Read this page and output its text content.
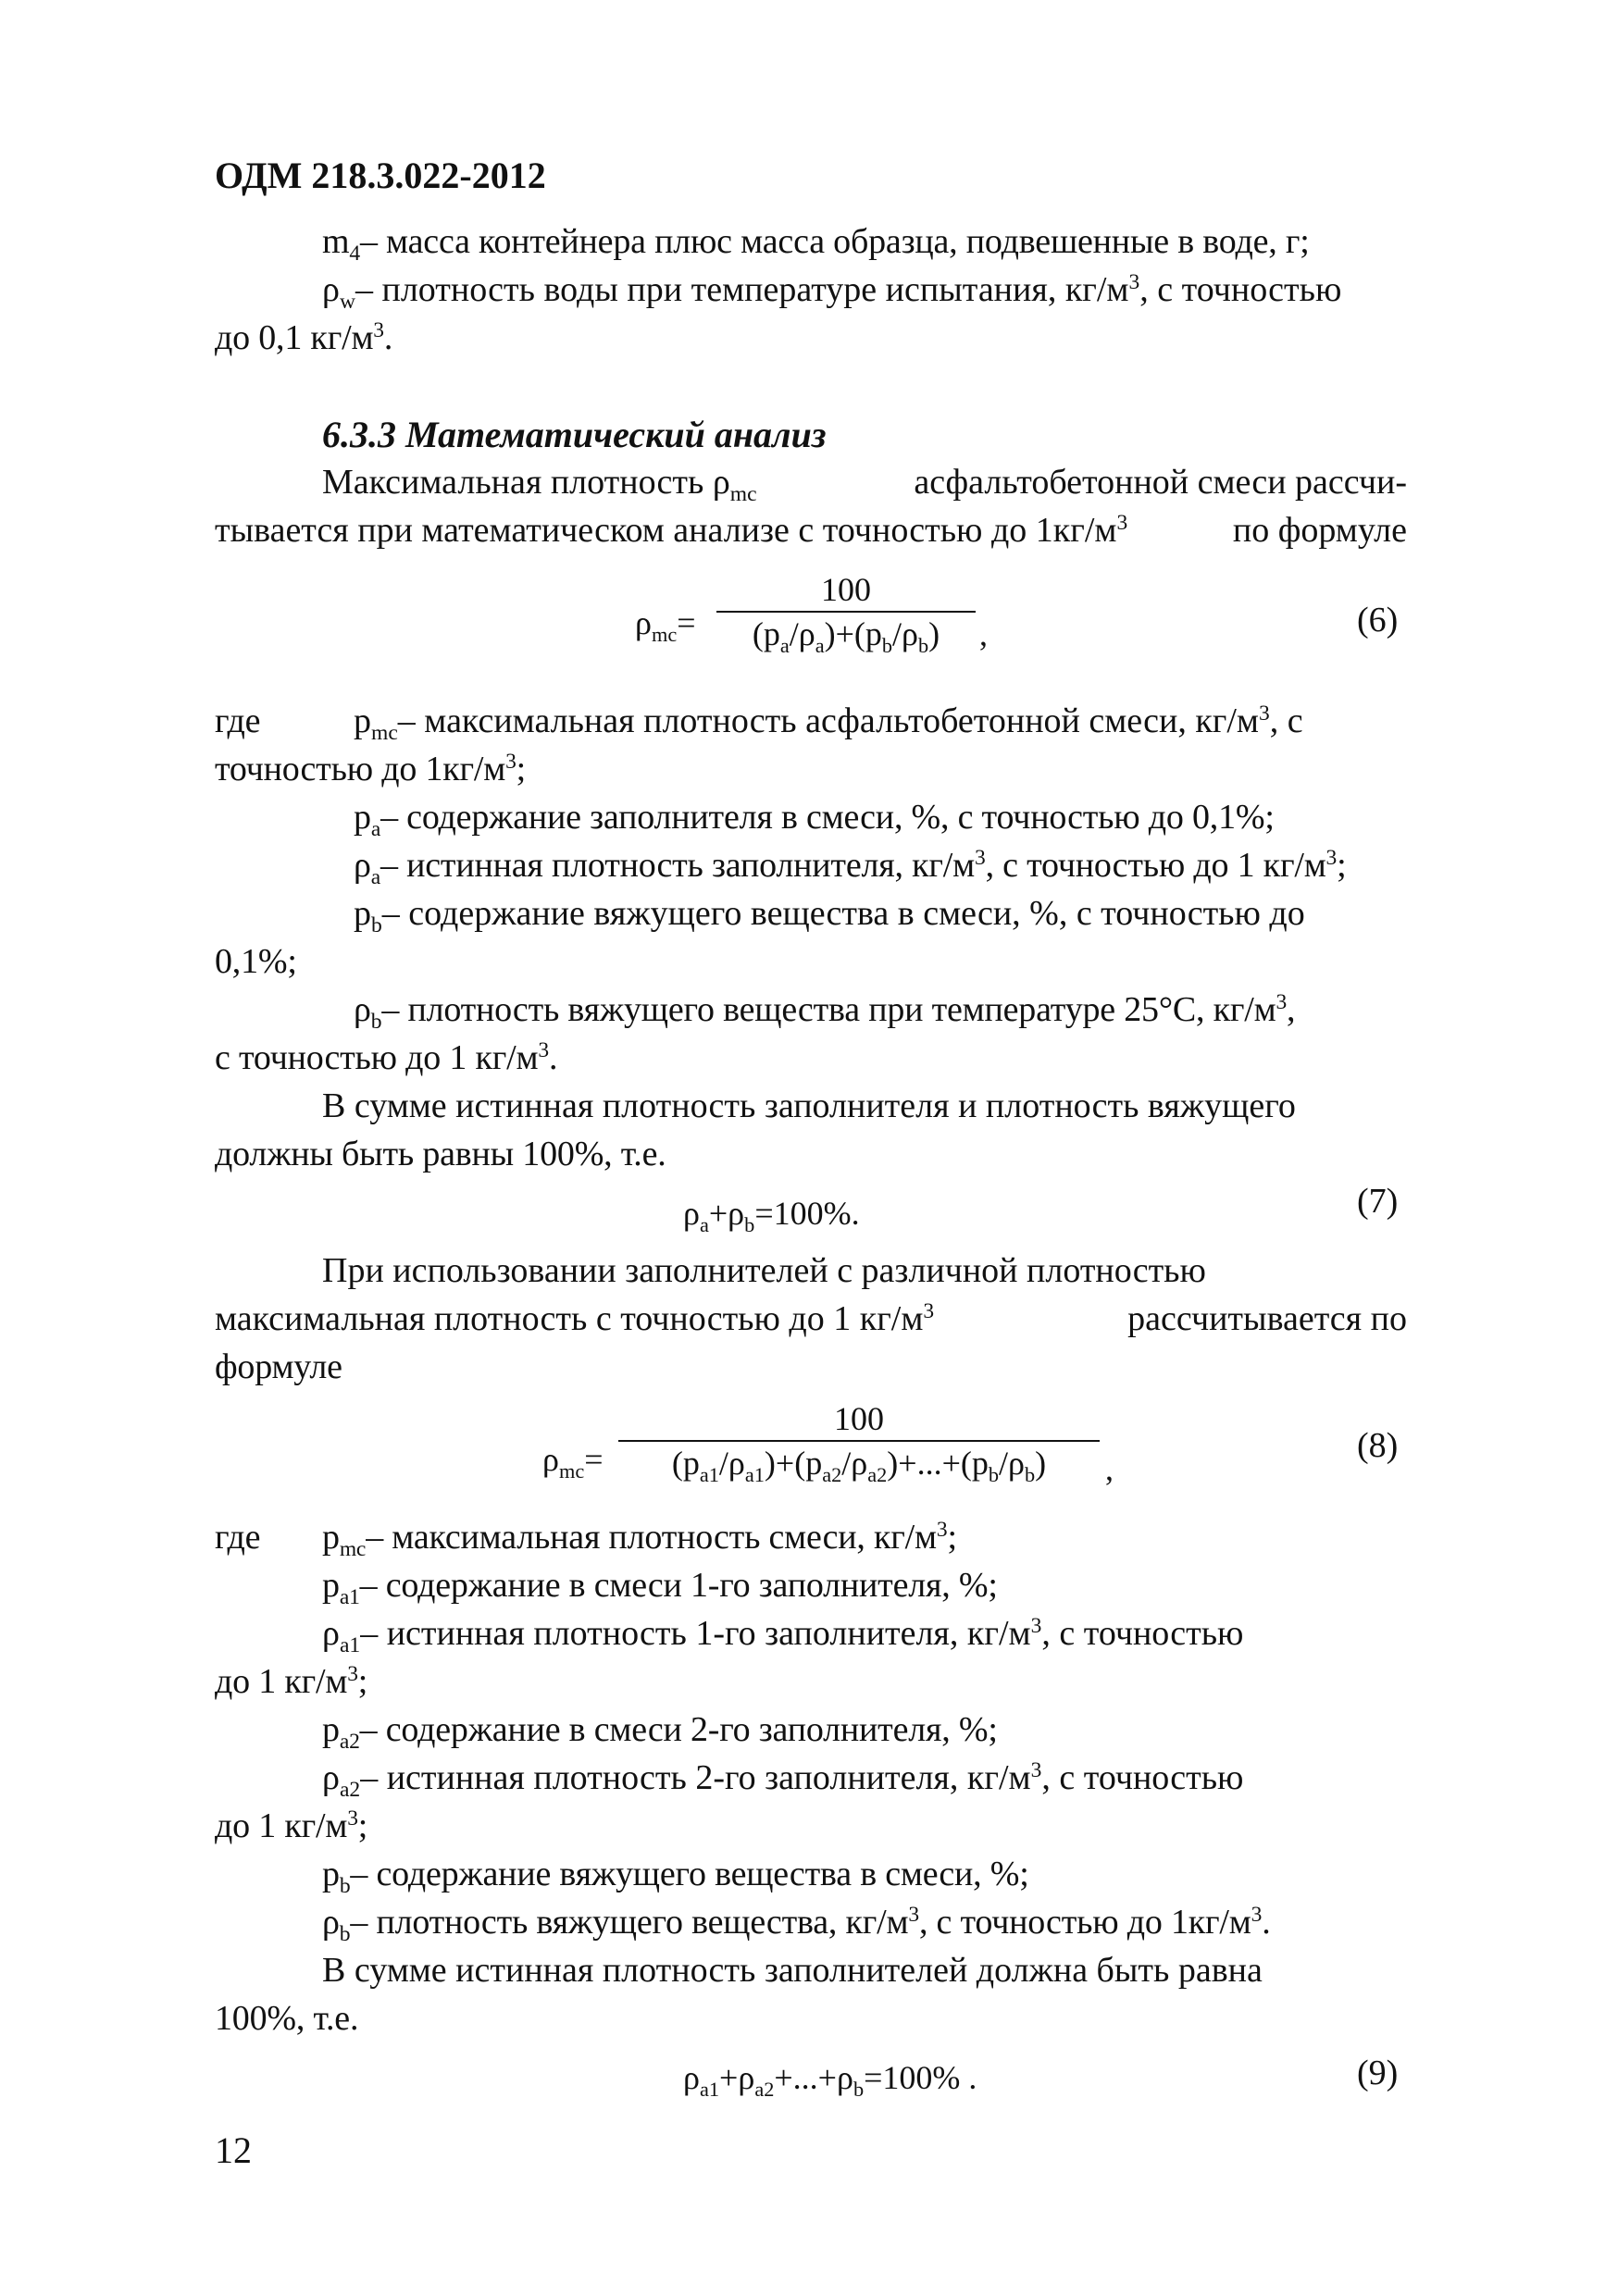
ОДМ 218.3.022-2012
$m_4-$ масса контейнера плюс масса образца, подвешенные в воде, г;
$\rho_w-$ плотность воды при температуре испытания, $кг/м^3$, с точностью
до 0,1 $кг/м^3$.
6.3.3 Математический анализ
Максимальная плотность $\rho_{mc}$	асфальтобетонной смеси рассчи-
тывается при математическом анализе с точностью до $1кг/м^3$	по формуле
$\rho_{mc}=$
100
$(p_a/\rho_a)+(p_b/\rho_b)$	,	(6)
где	$p_{mc}-$ максимальная плотность асфальтобетонной смеси, $кг/м^3$, с
точностью до $1кг/м^3$;
$p_a-$ содержание заполнителя в смеси, %, с точностью до 0,1%;
$\rho_a-$ истинная плотность заполнителя, $кг/м^3$, с точностью до 1 $кг/м^3$;
$p_b-$ содержание вяжущего вещества в смеси, %, с точностью до
0,1%;
$\rho_b-$ плотность вяжущего вещества при температуре 25°С, $кг/м^3$,
с точностью до 1 $кг/м^3$.
В сумме истинная плотность заполнителя и плотность вяжущего
должны быть равны 100%, т.е.
$\rho_a+\rho_b=100\%$.	(7)
При использовании заполнителей с различной плотностью
максимальная плотность с точностью до 1 $кг/м^3$	рассчитывается по
формуле
$\rho_{mc}=$
100
$(p_{a1}/\rho_{a1})+(p_{a2}/\rho_{a2})+...+(p_b/\rho_b)$	,
(8)
где $p_{mc}-$ максимальная плотность смеси, $кг/м^3$;
$p_{a1}-$ содержание в смеси 1-го заполнителя, %;
$\rho_{a1}-$ истинная плотность 1-го заполнителя, $кг/м^3$, с точностью
до 1 $кг/м^3$;
$p_{a2}-$ содержание в смеси 2-го заполнителя, %;
$\rho_{a2}-$ истинная плотность 2-го заполнителя, $кг/м^3$, с точностью
до 1 $кг/м^3$;
$p_b-$ содержание вяжущего вещества в смеси, %;
$\rho_b-$ плотность вяжущего вещества, $кг/м^3$, с точностью до $1кг/м^3$.
В сумме истинная плотность заполнителей должна быть равна
100%, т.е.
$\rho_{a1}+\rho_{a2}+...+\rho_b=100\%$ .	(9)
12
